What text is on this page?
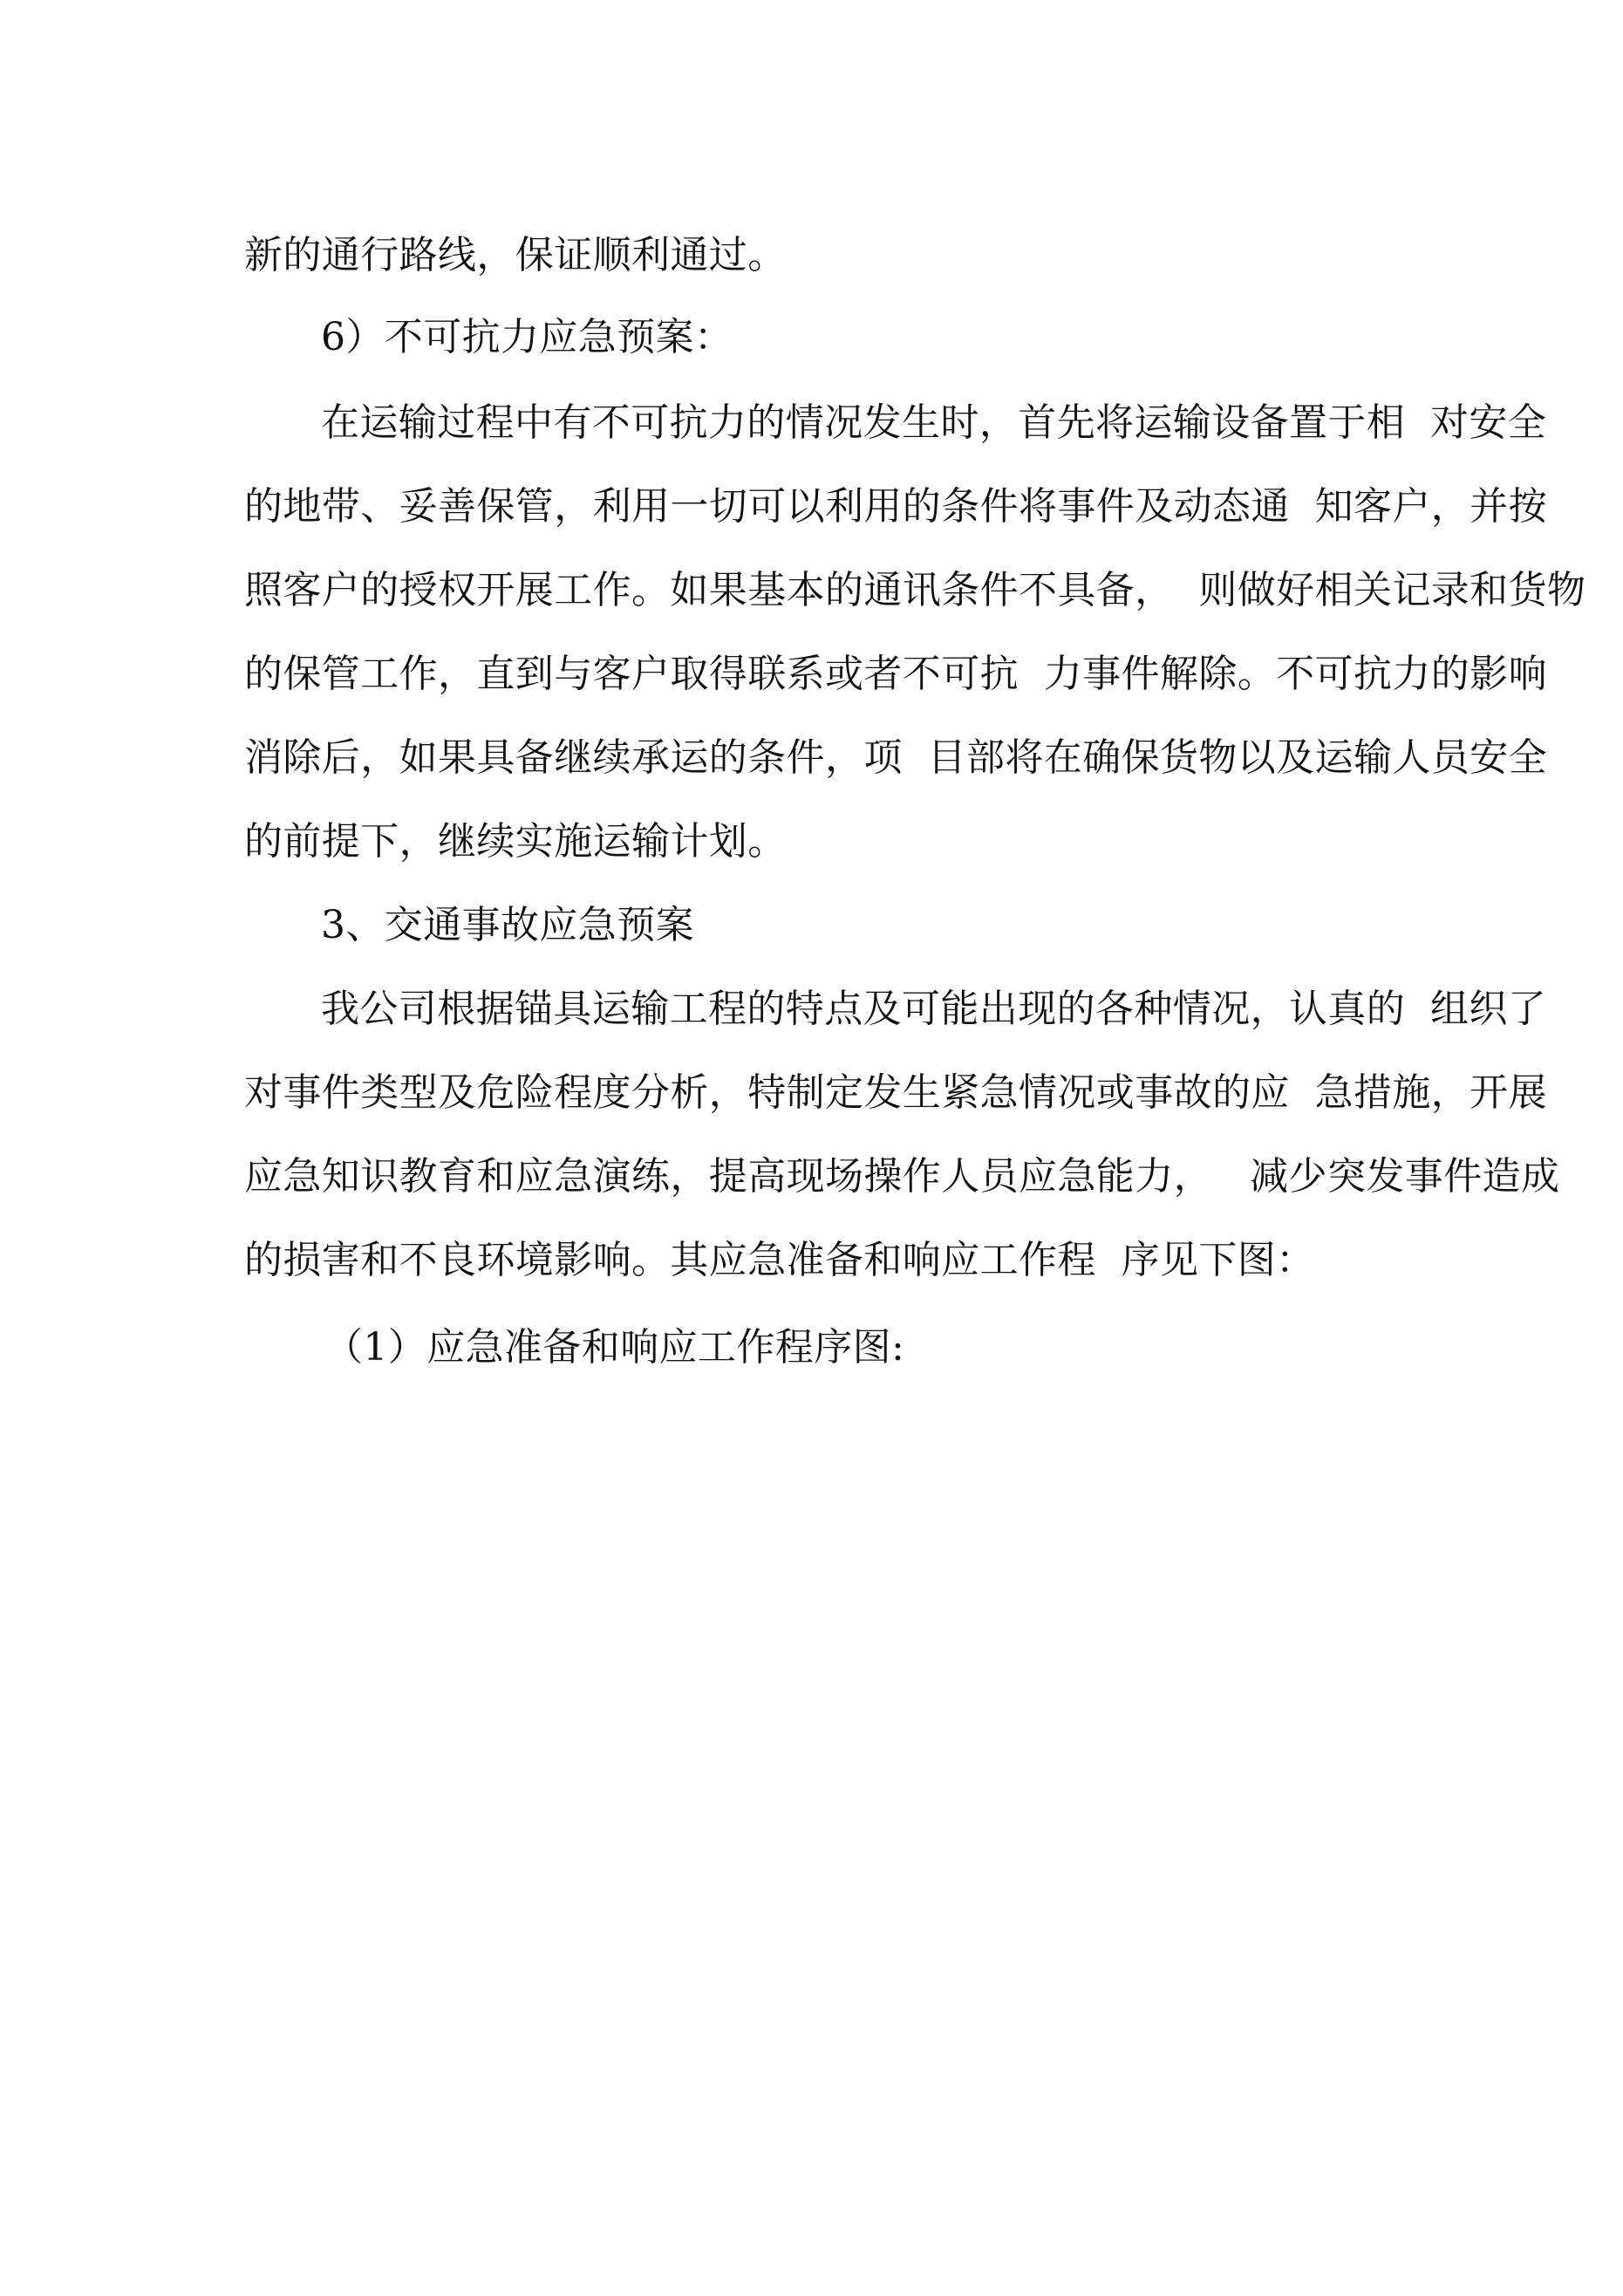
新的通行路线，保证顺利通过。
6）不可抗力应急预案：
在运输过程中有不可抗力的情况发生时，首先将运输设备置于相  对安全
的地带、妥善保管，利用一切可以利用的条件将事件及动态通  知客户，并按
照客户的授权开展工作。如果基本的通讯条件不具备，  则做好相关记录和货物
的保管工作，直到与客户取得联系或者不可抗  力事件解除。不可抗力的影响
消除后，如果具备继续承运的条件，项  目部将在确保货物以及运输人员安全
的前提下，继续实施运输计划。
3、交通事故应急预案
我公司根据锚具运输工程的特点及可能出现的各种情况，认真的  组织了
对事件类型及危险程度分析，特制定发生紧急情况或事故的应  急措施，开展
应急知识教育和应急演练，提高现场操作人员应急能力，   减少突发事件造成
的损害和不良环境影响。其应急准备和响应工作程  序见下图：
（1）应急准备和响应工作程序图:
